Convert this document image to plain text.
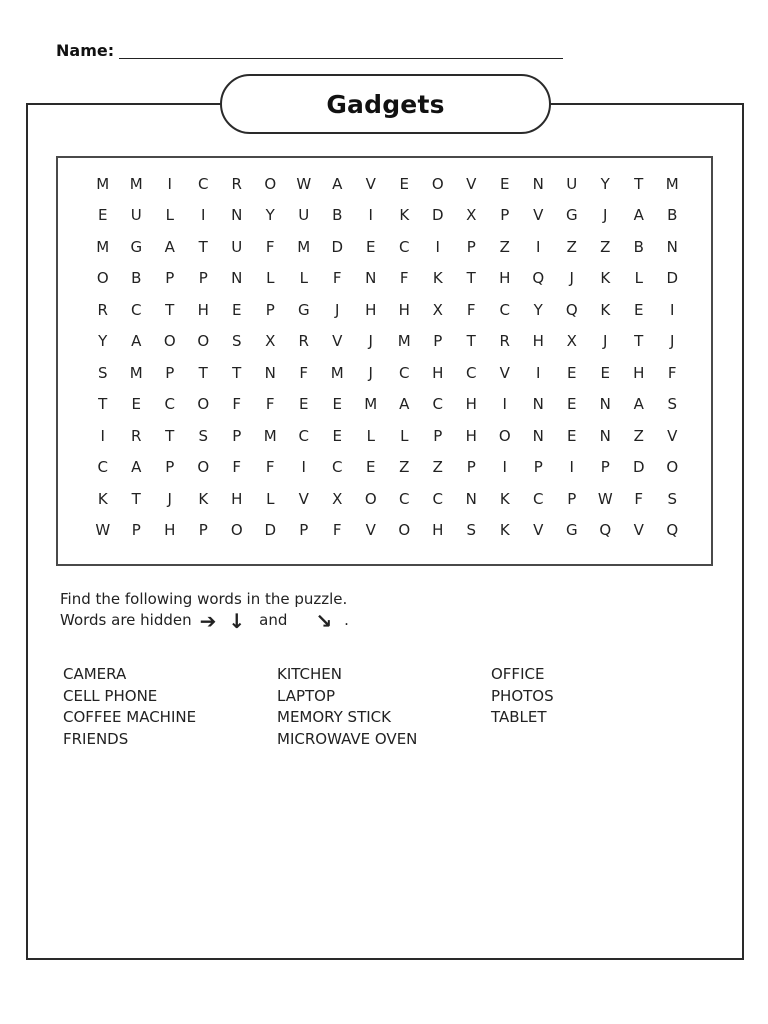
Name:
Gadgets
M	M	I	C	R	O	W	A	V	E	O	V	E	N	U	Y	T	M
E	U	L	I	N	Y	U	B	I	K	D	X	P	V	G	J	A	B
M	G	A	T	U	F	M	D	E	C	I	P	Z	I	Z	Z	B	N
O	B	P	P	N	L	L	F	N	F	K	T	H	Q	J	K	L	D
R	C	T	H	E	P	G	J	H	H	X	F	C	Y	Q	K	E	I
Y	A	O	O	S	X	R	V	J	M	P	T	R	H	X	J	T	J
S	M	P	T	T	N	F	M	J	C	H	C	V	I	E	E	H	F
T	E	C	O	F	F	E	E	M	A	C	H	I	N	E	N	A	S
I	R	T	S	P	M	C	E	L	L	P	H	O	N	E	N	Z	V
C	A	P	O	F	F	I	C	E	Z	Z	P	I	P	I	P	D	O
K	T	J	K	H	L	V	X	O	C	C	N	K	C	P	W	F	S
W	P	H	P	O	D	P	F	V	O	H	S	K	V	G	Q	V	Q
Find the following words in the puzzle.
Words are hidden ➔ ↓ and ↘ .
CAMERA
CELL PHONE
COFFEE MACHINE
FRIENDS
KITCHEN
LAPTOP
MEMORY STICK
MICROWAVE OVEN
OFFICE
PHOTOS
TABLET
